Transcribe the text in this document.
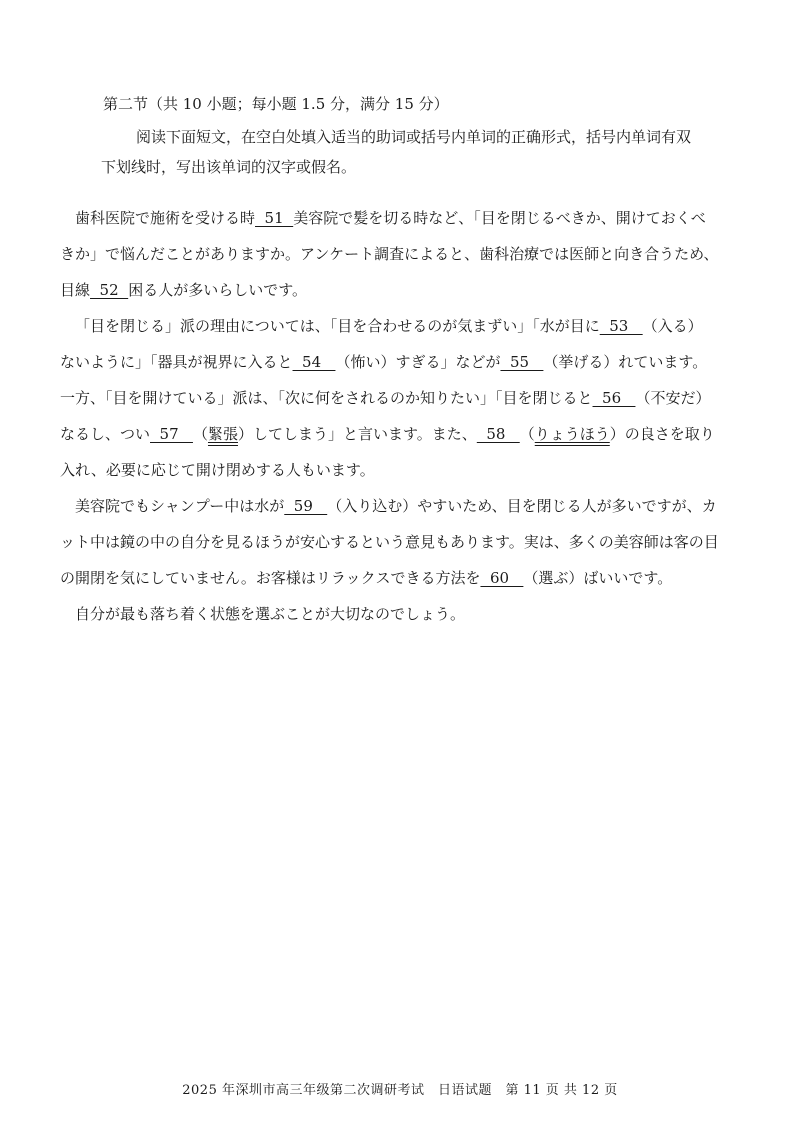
第二节（共 10 小题；每小题 1.5 分，满分 15 分）
阅读下面短文，在空白处填入适当的助词或括号内单词的正确形式，括号内单词有双
下划线时，写出该单词的汉字或假名。
歯科医院で施術を受ける時  51  美容院で髪を切る時など、「目を閉じるべきか、開けておくべ
きか」で悩んだことがありますか。アンケート調査によると、歯科治療では医師と向き合うため、
目線  52  困る人が多いらしいです。
「目を閉じる」派の理由については、「目を合わせるのが気まずい」「水が目に  53   （入る）
ないように」「器具が視界に入ると  54   （怖い）すぎる」などが  55   （挙げる）れています。
一方、「目を開けている」派は、「次に何をされるのか知りたい」「目を閉じると  56   （不安だ）
なるし、つい  57   （緊張）してしまう」と言います。また、  58   （りょうほう）の良さを取り
入れ、必要に応じて開け閉めする人もいます。
美容院でもシャンプー中は水が  59   （入り込む）やすいため、目を閉じる人が多いですが、カ
ット中は鏡の中の自分を見るほうが安心するという意見もあります。実は、多くの美容師は客の目
の開閉を気にしていません。お客様はリラックスできる方法を  60   （選ぶ）ばいいです。
自分が最も落ち着く状態を選ぶことが大切なのでしょう。
2025 年深圳市高三年级第二次调研考试　日语试题　第 11 页 共 12 页
